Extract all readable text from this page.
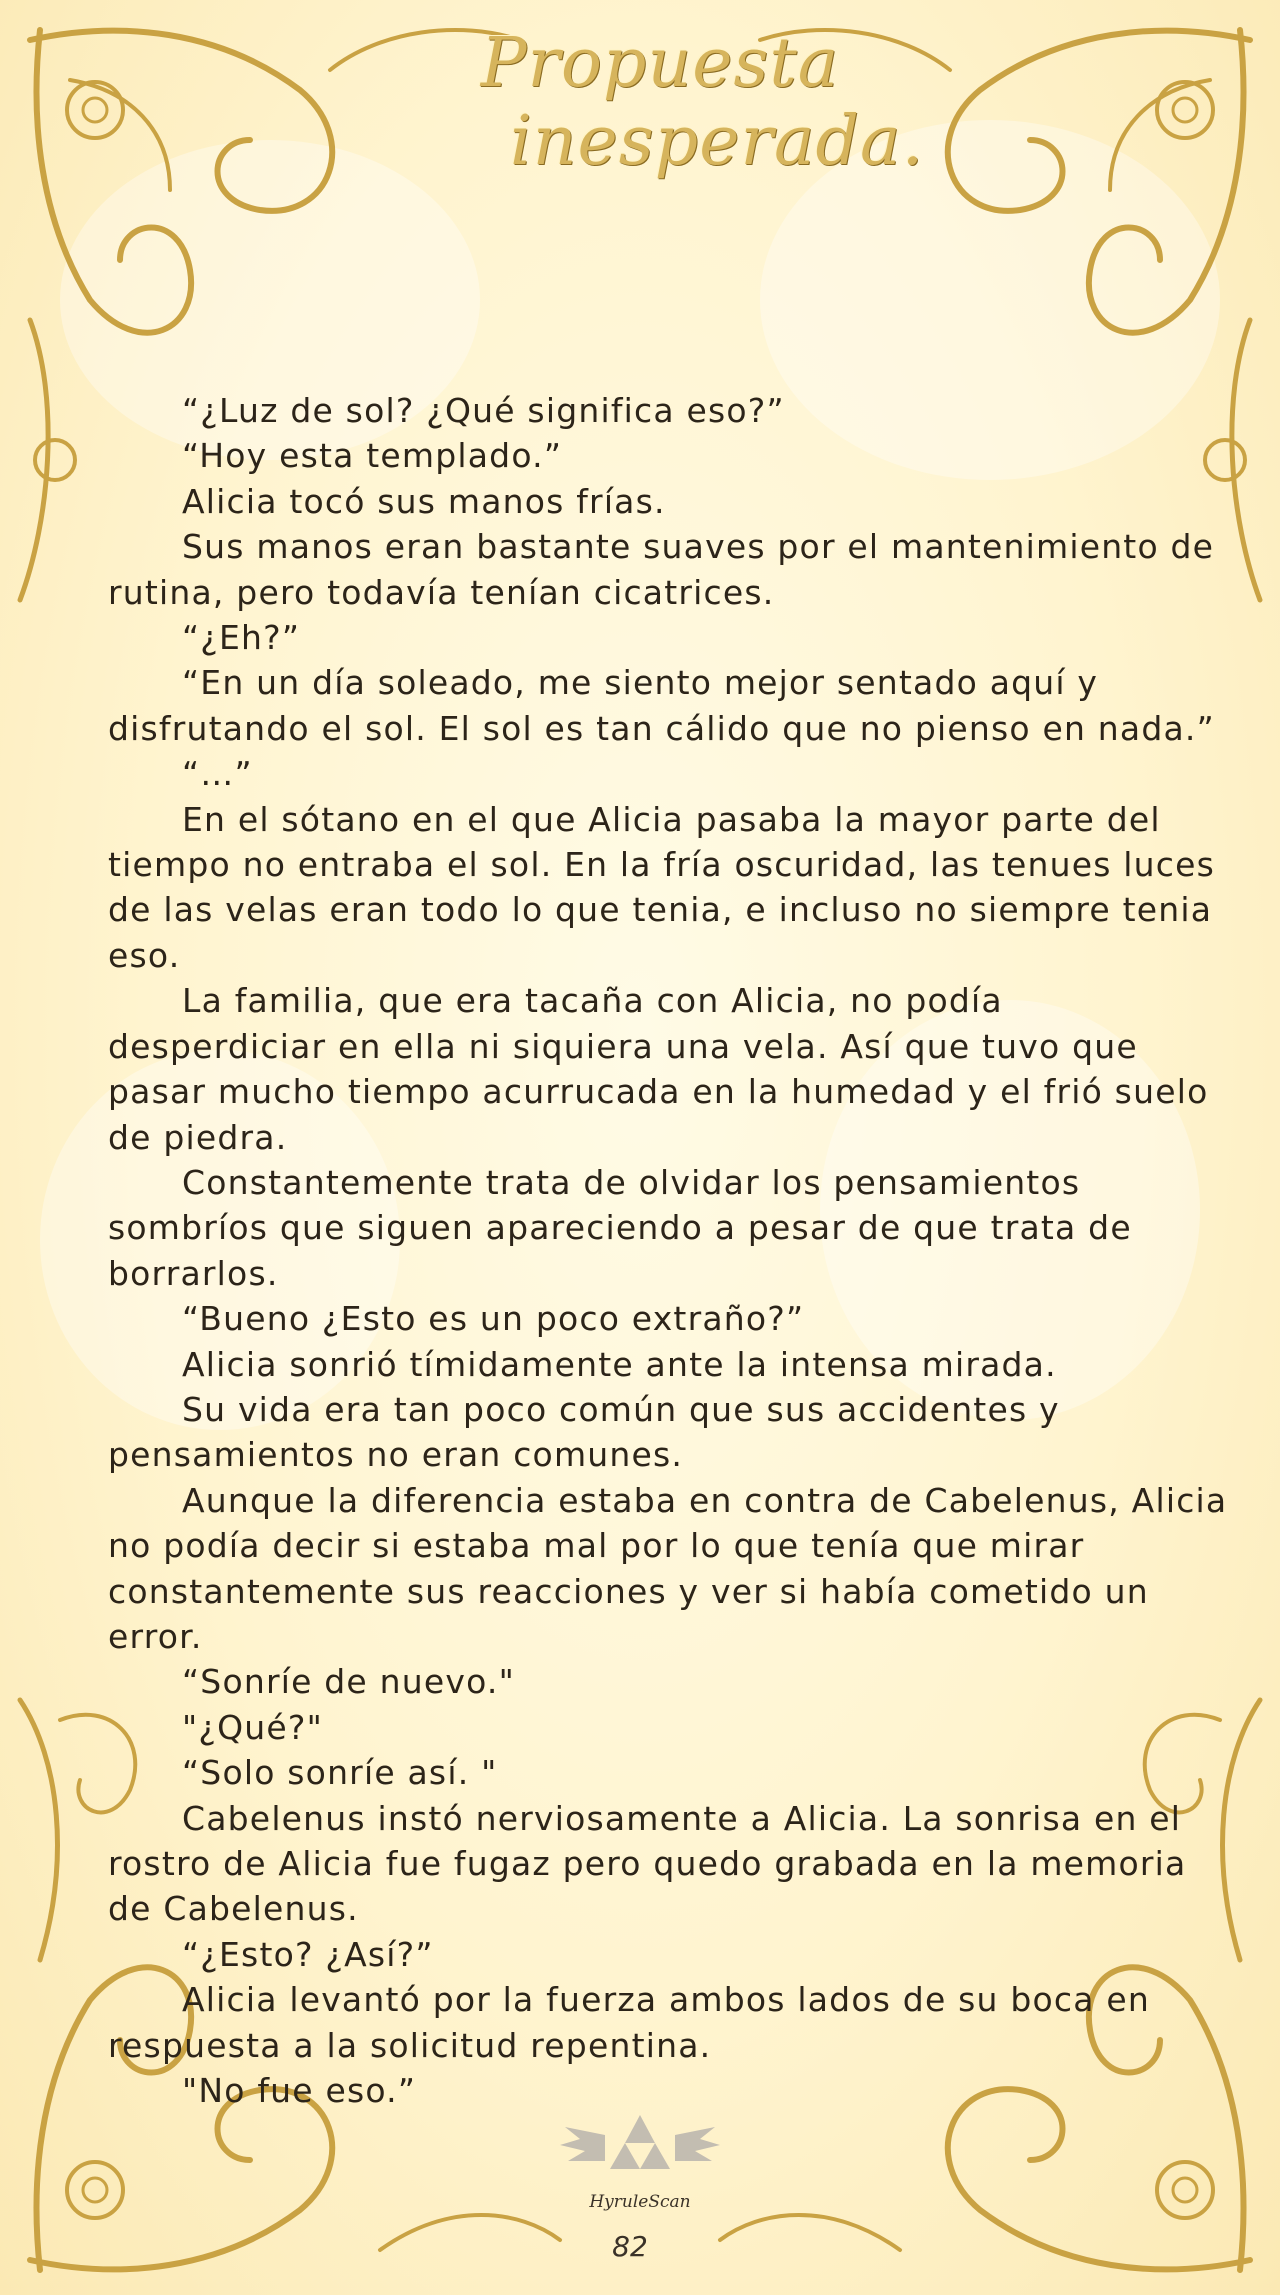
Propuesta
inesperada.

“¿Luz de sol? ¿Qué significa eso?”

“Hoy esta templado.”

Alicia tocó sus manos frías.

Sus manos eran bastante suaves por el mantenimiento de rutina, pero todavía tenían cicatrices.

“¿Eh?”

“En un día soleado, me siento mejor sentado aquí y disfrutando el sol. El sol es tan cálido que no pienso en nada.”

“…”

En el sótano en el que Alicia pasaba la mayor parte del tiempo no entraba el sol. En la fría oscuridad, las tenues luces de las velas eran todo lo que tenia, e incluso no siempre tenia eso.

La familia, que era tacaña con Alicia, no podía desperdiciar en ella ni siquiera una vela. Así que tuvo que pasar mucho tiempo acurrucada en la humedad y el frió suelo de piedra.

Constantemente trata de olvidar los pensamientos sombríos que siguen apareciendo a pesar de que trata de borrarlos.

“Bueno ¿Esto es un poco extraño?”

Alicia sonrió tímidamente ante la intensa mirada.

Su vida era tan poco común que sus accidentes y pensamientos no eran comunes.

Aunque la diferencia estaba en contra de Cabelenus, Alicia no podía decir si estaba mal por lo que tenía que mirar constantemente sus reacciones y ver si había cometido un error.

“Sonríe de nuevo."

"¿Qué?"

“Solo sonríe así. "

Cabelenus instó nerviosamente a Alicia. La sonrisa en el rostro de Alicia fue fugaz pero quedo grabada en la memoria de Cabelenus.

“¿Esto? ¿Así?”

Alicia levantó por la fuerza ambos lados de su boca en respuesta a la solicitud repentina.

"No fue eso.”

HyruleScan
82
